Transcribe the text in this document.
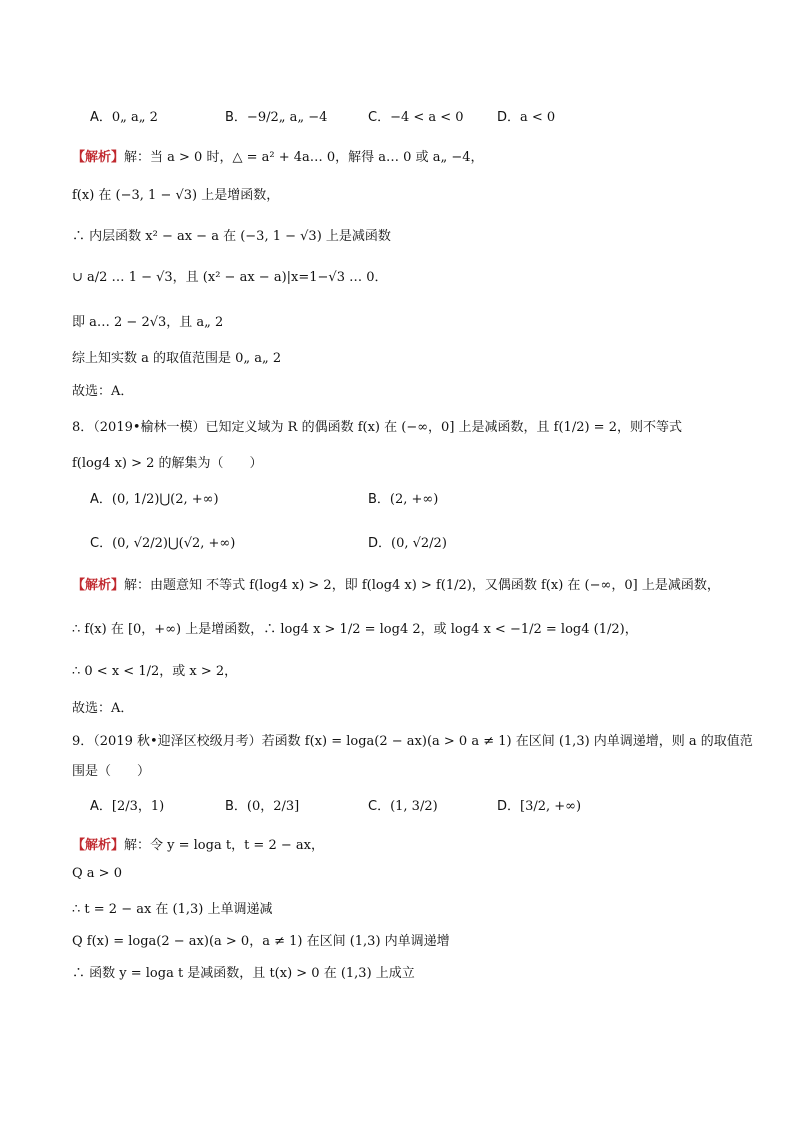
A．0„ a„ 2	B．−9/2„ a„ −4	C．−4 < a < 0	D．a < 0
【解析】解：当 a > 0 时，△ = a² + 4a… 0，解得 a… 0 或 a„ −4，
f(x) 在 (−3, 1 − √3) 上是增函数，
∴ 内层函数 x² − ax − a 在 (−3, 1 − √3) 上是减函数
∪ a/2 … 1 − √3，且 (x² − ax − a)|x=1−√3 … 0．
即 a… 2 − 2√3，且 a„ 2
综上知实数 a 的取值范围是 0„ a„ 2
故选：A．
8．（2019•榆林一模）已知定义域为 R 的偶函数 f(x) 在 (−∞，0] 上是减函数，且 f(1/2) = 2，则不等式
f(log4 x) > 2 的解集为（　　）
A．(0, 1/2)⋃(2, +∞)	B．(2, +∞)
C．(0, √2/2)⋃(√2, +∞)	D．(0, √2/2)
【解析】解：由题意知 不等式 f(log4 x) > 2，即 f(log4 x) > f(1/2)，又偶函数 f(x) 在 (−∞，0] 上是减函数，
∴ f(x) 在 [0，+∞) 上是增函数，∴ log4 x > 1/2 = log4 2，或 log4 x < −1/2 = log4 (1/2)，
∴ 0 < x < 1/2，或 x > 2，
故选：A．
9．（2019 秋•迎泽区校级月考）若函数 f(x) = loga(2 − ax)(a > 0 a ≠ 1) 在区间 (1,3) 内单调递增，则 a 的取值范
围是（　　）
A．[2/3，1)	B．(0，2/3]	C．(1, 3/2)	D．[3/2, +∞)
【解析】解：令 y = loga t，t = 2 − ax，
Q a > 0
∴ t = 2 − ax 在 (1,3) 上单调递减
Q f(x) = loga(2 − ax)(a > 0，a ≠ 1) 在区间 (1,3) 内单调递增
∴ 函数 y = loga t 是减函数，且 t(x) > 0 在 (1,3) 上成立
